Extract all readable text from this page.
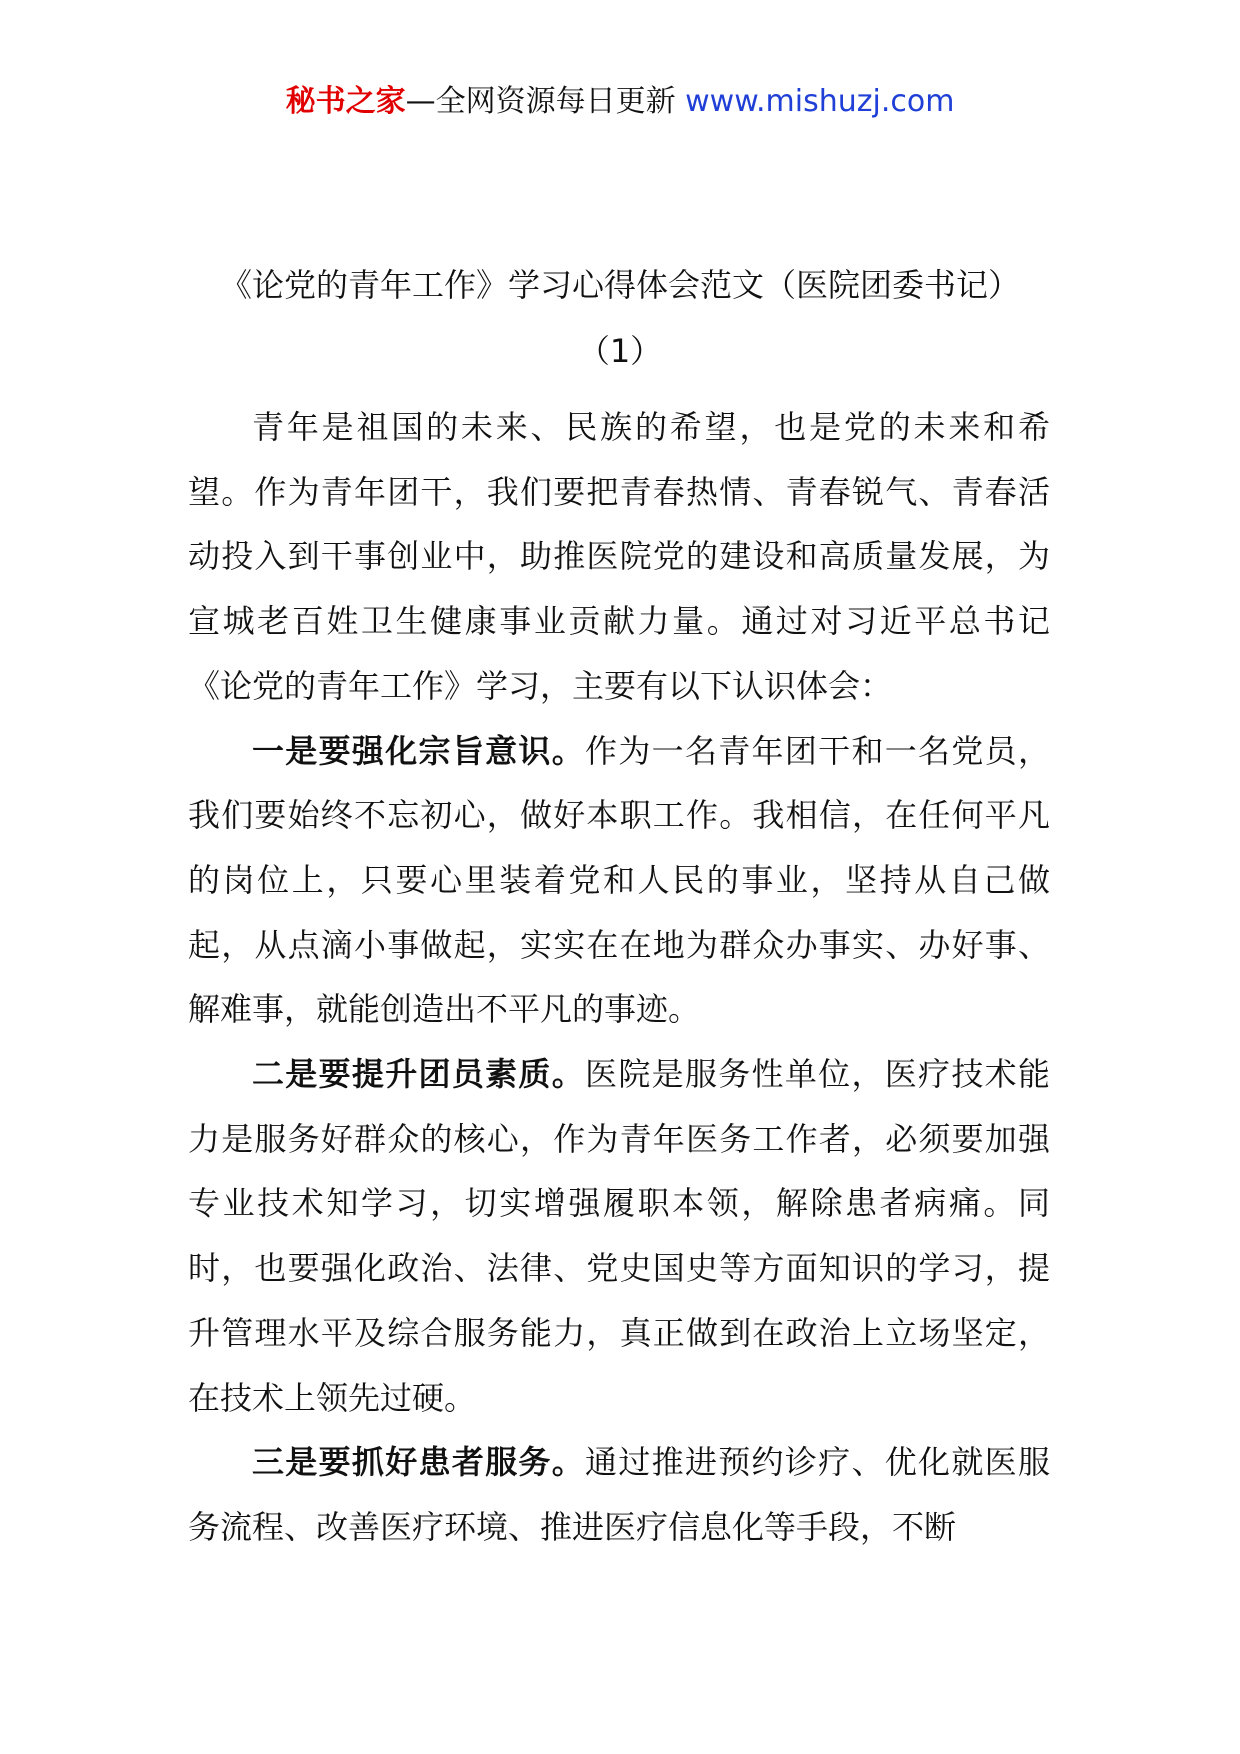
秘书之家—全网资源每日更新 www.mishuzj.com
《论党的青年工作》学习心得体会范文（医院团委书记）
（1）

青年是祖国的未来、民族的希望，也是党的未来和希望。作为青年团干，我们要把青春热情、青春锐气、青春活动投入到干事创业中，助推医院党的建设和高质量发展，为宣城老百姓卫生健康事业贡献力量。通过对习近平总书记《论党的青年工作》学习，主要有以下认识体会：

一是要强化宗旨意识。作为一名青年团干和一名党员，我们要始终不忘初心，做好本职工作。我相信，在任何平凡的岗位上，只要心里装着党和人民的事业，坚持从自己做起，从点滴小事做起，实实在在地为群众办事实、办好事、解难事，就能创造出不平凡的事迹。

二是要提升团员素质。医院是服务性单位，医疗技术能力是服务好群众的核心，作为青年医务工作者，必须要加强专业技术知学习，切实增强履职本领，解除患者病痛。同时，也要强化政治、法律、党史国史等方面知识的学习，提升管理水平及综合服务能力，真正做到在政治上立场坚定，在技术上领先过硬。

三是要抓好患者服务。通过推进预约诊疗、优化就医服务流程、改善医疗环境、推进医疗信息化等手段，不断
